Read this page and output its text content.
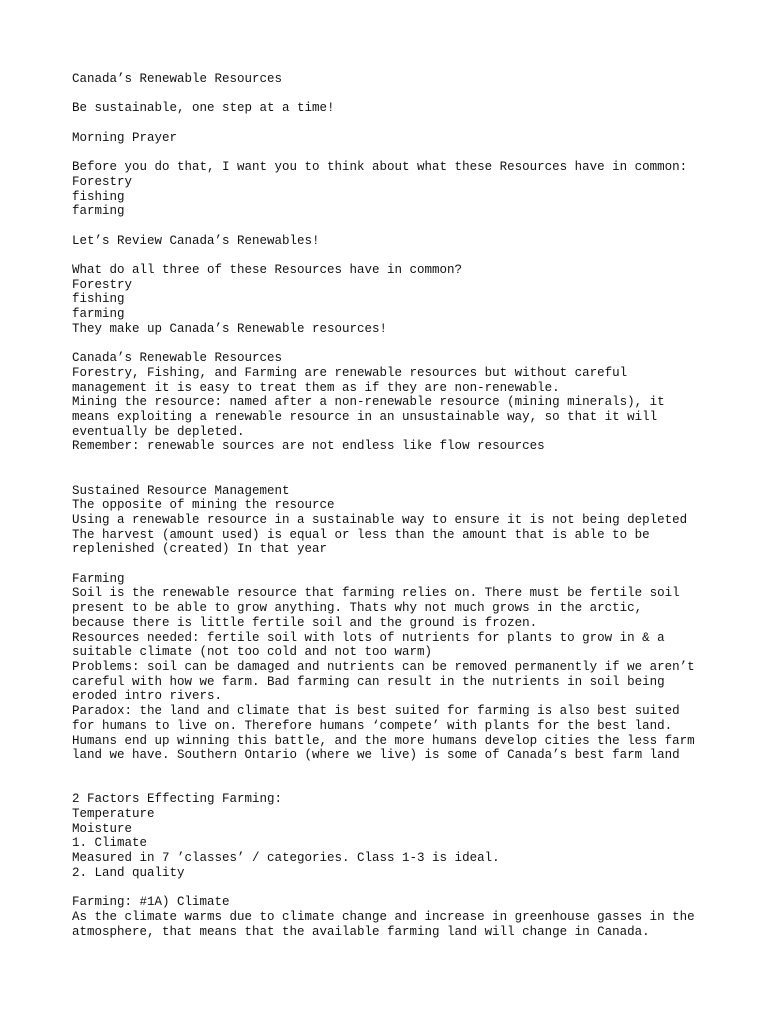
Canada’s Renewable Resources
Be sustainable, one step at a time!
Morning Prayer
Before you do that, I want you to think about what these Resources have in common:
Forestry
fishing
farming
Let’s Review Canada’s Renewables!
What do all three of these Resources have in common?
Forestry
fishing
farming
They make up Canada’s Renewable resources!
Canada’s Renewable Resources
Forestry, Fishing, and Farming are renewable resources but without careful
management it is easy to treat them as if they are non-renewable.
Mining the resource: named after a non-renewable resource (mining minerals), it
means exploiting a renewable resource in an unsustainable way, so that it will
eventually be depleted.
Remember: renewable sources are not endless like flow resources
Sustained Resource Management
The opposite of mining the resource
Using a renewable resource in a sustainable way to ensure it is not being depleted
The harvest (amount used) is equal or less than the amount that is able to be
replenished (created) In that year
Farming
Soil is the renewable resource that farming relies on. There must be fertile soil
present to be able to grow anything. Thats why not much grows in the arctic,
because there is little fertile soil and the ground is frozen.
Resources needed: fertile soil with lots of nutrients for plants to grow in & a
suitable climate (not too cold and not too warm)
Problems: soil can be damaged and nutrients can be removed permanently if we aren’t
careful with how we farm. Bad farming can result in the nutrients in soil being
eroded intro rivers.
Paradox: the land and climate that is best suited for farming is also best suited
for humans to live on. Therefore humans ‘compete’ with plants for the best land.
Humans end up winning this battle, and the more humans develop cities the less farm
land we have. Southern Ontario (where we live) is some of Canada’s best farm land
2 Factors Effecting Farming:
Temperature
Moisture
1. Climate
Measured in 7 ’classes’ / categories. Class 1-3 is ideal.
2. Land quality
Farming: #1A) Climate
As the climate warms due to climate change and increase in greenhouse gasses in the
atmosphere, that means that the available farming land will change in Canada.
